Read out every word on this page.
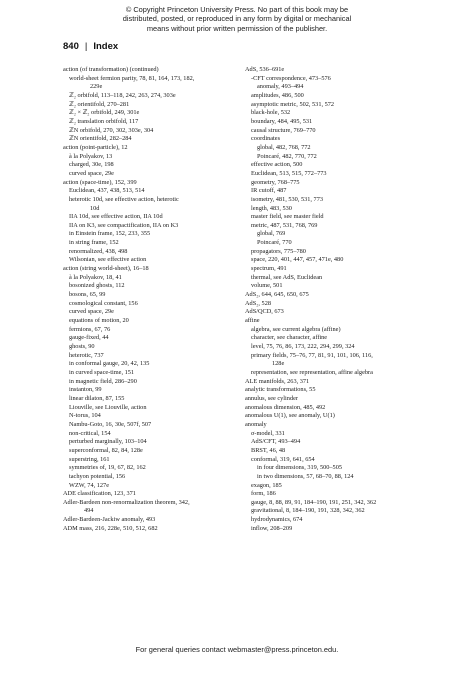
© Copyright Princeton University Press. No part of this book may be
distributed, posted, or reproduced in any form by digital or mechanical
means without prior written permission of the publisher.
840 | Index
action (of transformation) (continued)
world-sheet fermion parity, 78, 81, 164, 173, 182,
229e
ℤ₂ orbifold, 113–118, 242, 263, 274, 303e
ℤ₂ orientifold, 270–281
ℤ₂ × ℤ₂ orbifold, 249, 301e
ℤ₂ translation orbifold, 117
ℤN orbifold, 270, 302, 303e, 304
ℤN orientifold, 282–284
action (point-particle), 12
à la Polyakov, 13
charged, 30e, 198
curved space, 29e
action (space-time), 152, 399
Euclidean, 437, 438, 513, 514
heterotic 10d, see effective action, heterotic
10d
IIA 10d, see effective action, IIA 10d
IIA on K3, see compactification, IIA on K3
in Einstein frame, 152, 233, 355
in string frame, 152
renormalized, 438, 498
Wilsonian, see effective action
action (string world-sheet), 16–18
à la Polyakov, 18, 41
bosonized ghosts, 112
bosons, 65, 99
cosmological constant, 156
curved space, 29e
equations of motion, 20
fermions, 67, 76
gauge-fixed, 44
ghosts, 90
heterotic, 737
in conformal gauge, 20, 42, 135
in curved space-time, 151
in magnetic field, 286–290
instanton, 99
linear dilaton, 87, 155
Liouville, see Liouville, action
N-torus, 104
Nambu-Goto, 16, 30e, 507f, 507
non-critical, 154
perturbed marginally, 103–104
superconformal, 82, 84, 128e
superstring, 161
symmetries of, 19, 67, 82, 162
tachyon potential, 156
WZW, 74, 127e
ADE classification, 123, 371
Adler-Bardeen non-renormalization theorem, 342,
494
Adler-Bardeen-Jackiw anomaly, 493
ADM mass, 216, 228e, 510, 512, 682
AdS, 536–691e
-CFT correspondence, 473–576
anomaly, 493–494
amplitudes, 486, 500
asymptotic metric, 502, 531, 572
black-hole, 532
boundary, 484, 495, 531
causal structure, 769–770
coordinates
global, 482, 768, 772
Poincaré, 482, 770, 772
effective action, 500
Euclidean, 513, 515, 772–773
geometry, 768–775
IR cutoff, 487
isometry, 481, 530, 531, 773
length, 483, 530
master field, see master field
metric, 487, 531, 768, 769
global, 769
Poincaré, 770
propagators, 775–780
space, 220, 401, 447, 457, 471e, 480
spectrum, 491
thermal, see AdS, Euclidean
volume, 501
AdS₂, 644, 645, 650, 675
AdS₂, 528
AdS/QCD, 673
affine
algebra, see current algebra (affine)
character, see character, affine
level, 75, 76, 86, 173, 222, 294, 299, 324
primary fields, 75–76, 77, 81, 91, 101, 106, 116,
128e
representation, see representation, affine algebra
ALE manifolds, 263, 371
analytic transformations, 55
annulus, see cylinder
anomalous dimension, 485, 492
anomalous U(1), see anomaly, U(1)
anomaly
σ-model, 331
AdS/CFT, 493–494
BRST, 46, 48
conformal, 319, 641, 654
in four dimensions, 319, 500–505
in two dimensions, 57, 68–70, 88, 124
exagon, 185
form, 186
gauge, 8, 88, 89, 91, 184–190, 191, 251, 342, 362
gravitational, 8, 184–190, 191, 328, 342, 362
hydrodynamics, 674
inflow, 208–209
For general queries contact webmaster@press.princeton.edu.
